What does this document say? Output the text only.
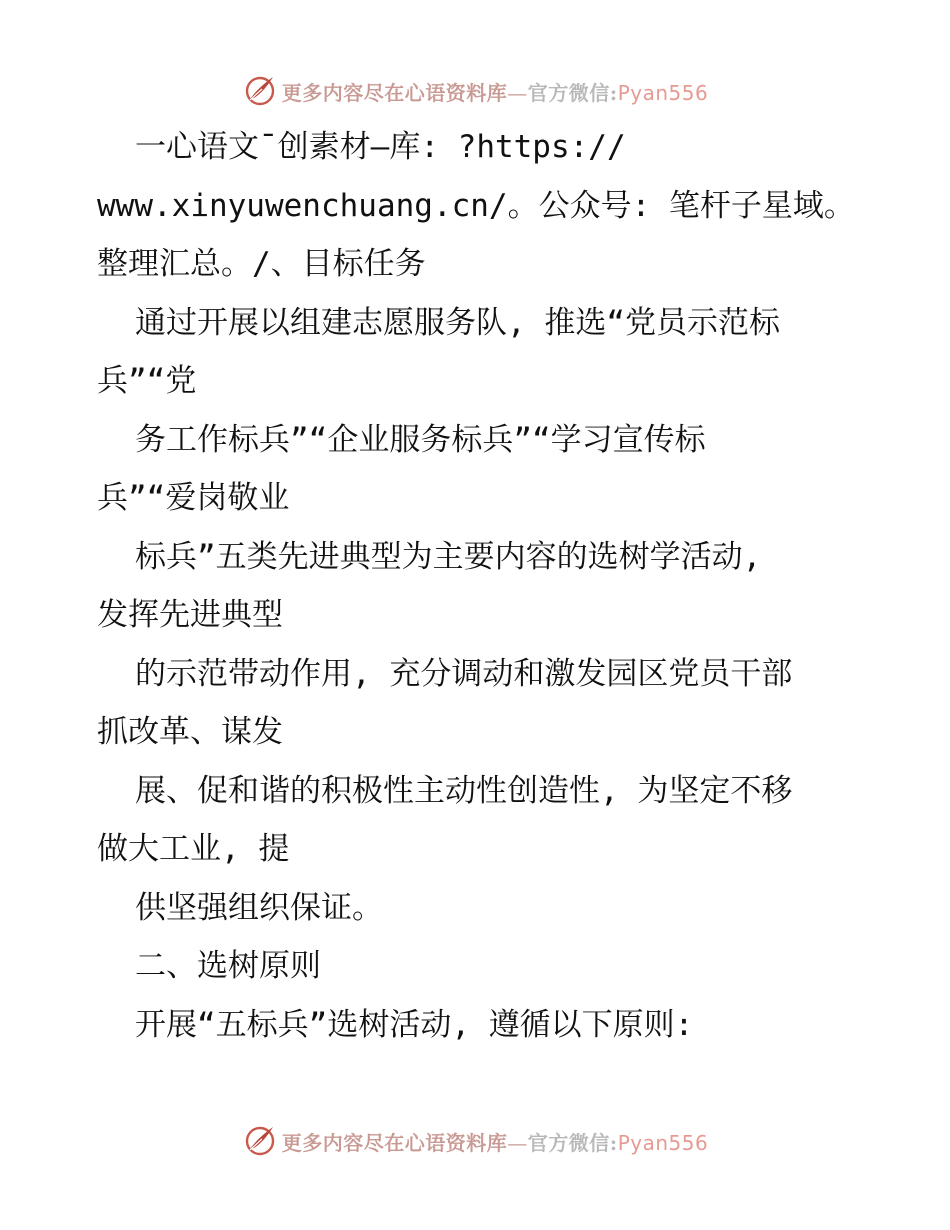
更多内容尽在心语资料库—官方微信:Pyan556
一心语文¯创素材—库: ?https://
www.xinyuwenchuang.cn/。公众号: 笔杆子星域。
整理汇总。/、目标任务
通过开展以组建志愿服务队, 推选“党员示范标
兵”“党
务工作标兵”“企业服务标兵”“学习宣传标
兵”“爱岗敬业
标兵”五类先进典型为主要内容的选树学活动,
发挥先进典型
的示范带动作用, 充分调动和激发园区党员干部
抓改革、谋发
展、促和谐的积极性主动性创造性, 为坚定不移
做大工业, 提
供坚强组织保证。
二、选树原则
开展“五标兵”选树活动, 遵循以下原则:
更多内容尽在心语资料库—官方微信:Pyan556
